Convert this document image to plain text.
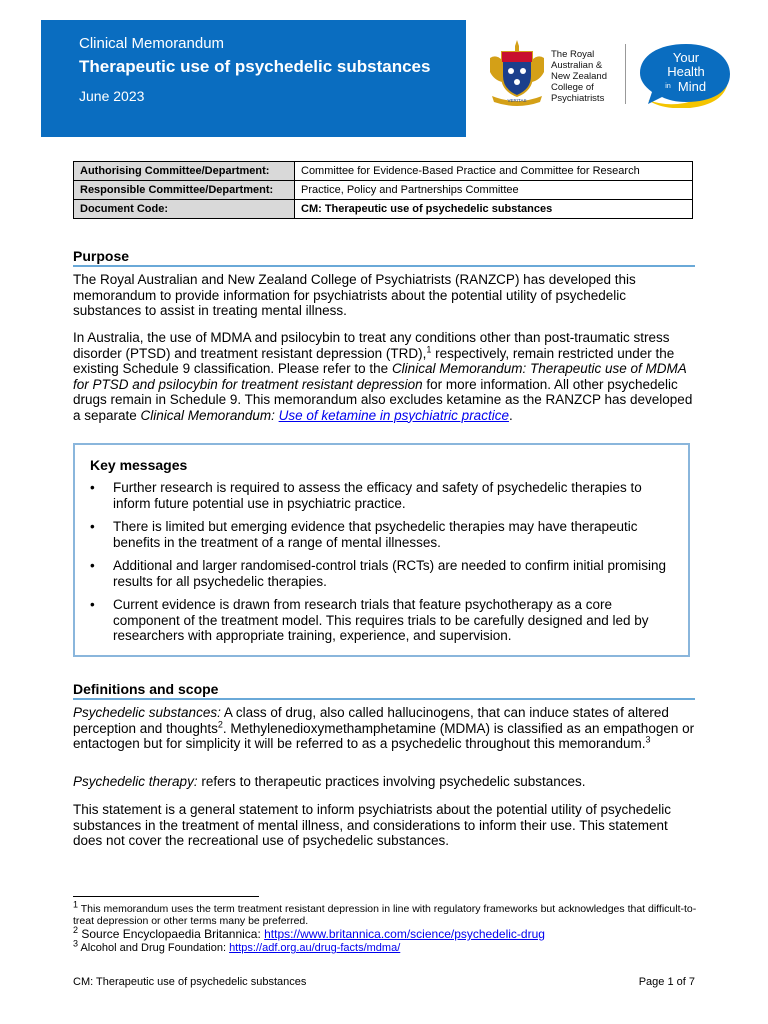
Clinical Memorandum
Therapeutic use of psychedelic substances
June 2023	VERITAS
The Royal
Australian &
New Zealand
College of
Psychiatrists
Your
Health
in Mind
Authorising Committee/Department:	Committee for Evidence-Based Practice and Committee for Research
Responsible Committee/Department:	Practice, Policy and Partnerships Committee
Document Code:	CM: Therapeutic use of psychedelic substances
Purpose

The Royal Australian and New Zealand College of Psychiatrists (RANZCP) has developed this memorandum to provide information for psychiatrists about the potential utility of psychedelic substances to assist in treating mental illness.

In Australia, the use of MDMA and psilocybin to treat any conditions other than post-traumatic stress disorder (PTSD) and treatment resistant depression (TRD),$^1$ respectively, remain restricted under the existing Schedule 9 classification. Please refer to the Clinical Memorandum: Therapeutic use of MDMA for PTSD and psilocybin for treatment resistant depression for more information. All other psychedelic drugs remain in Schedule 9. This memorandum also excludes ketamine as the RANZCP has developed a separate Clinical Memorandum: Use of ketamine in psychiatric practice.

Key messages
• Further research is required to assess the efficacy and safety of psychedelic therapies to inform future potential use in psychiatric practice.
• There is limited but emerging evidence that psychedelic therapies may have therapeutic benefits in the treatment of a range of mental illnesses.
• Additional and larger randomised-control trials (RCTs) are needed to confirm initial promising results for all psychedelic therapies.
• Current evidence is drawn from research trials that feature psychotherapy as a core component of the treatment model. This requires trials to be carefully designed and led by researchers with appropriate training, experience, and supervision.
Definitions and scope

Psychedelic substances: A class of drug, also called hallucinogens, that can induce states of altered perception and thoughts$^2$. Methylenedioxymethamphetamine (MDMA) is classified as an empathogen or entactogen but for simplicity it will be referred to as a psychedelic throughout this memorandum.$^3$

Psychedelic therapy: refers to therapeutic practices involving psychedelic substances.

This statement is a general statement to inform psychiatrists about the potential utility of psychedelic substances in the treatment of mental illness, and considerations to inform their use. This statement does not cover the recreational use of psychedelic substances.

$^1$ This memorandum uses the term treatment resistant depression in line with regulatory frameworks but acknowledges that difficult-to-treat depression or other terms many be preferred.
$^2$ Source Encyclopaedia Britannica: https://www.britannica.com/science/psychedelic-drug
$^3$ Alcohol and Drug Foundation: https://adf.org.au/drug-facts/mdma/
CM: Therapeutic use of psychedelic substances	Page 1 of 7
